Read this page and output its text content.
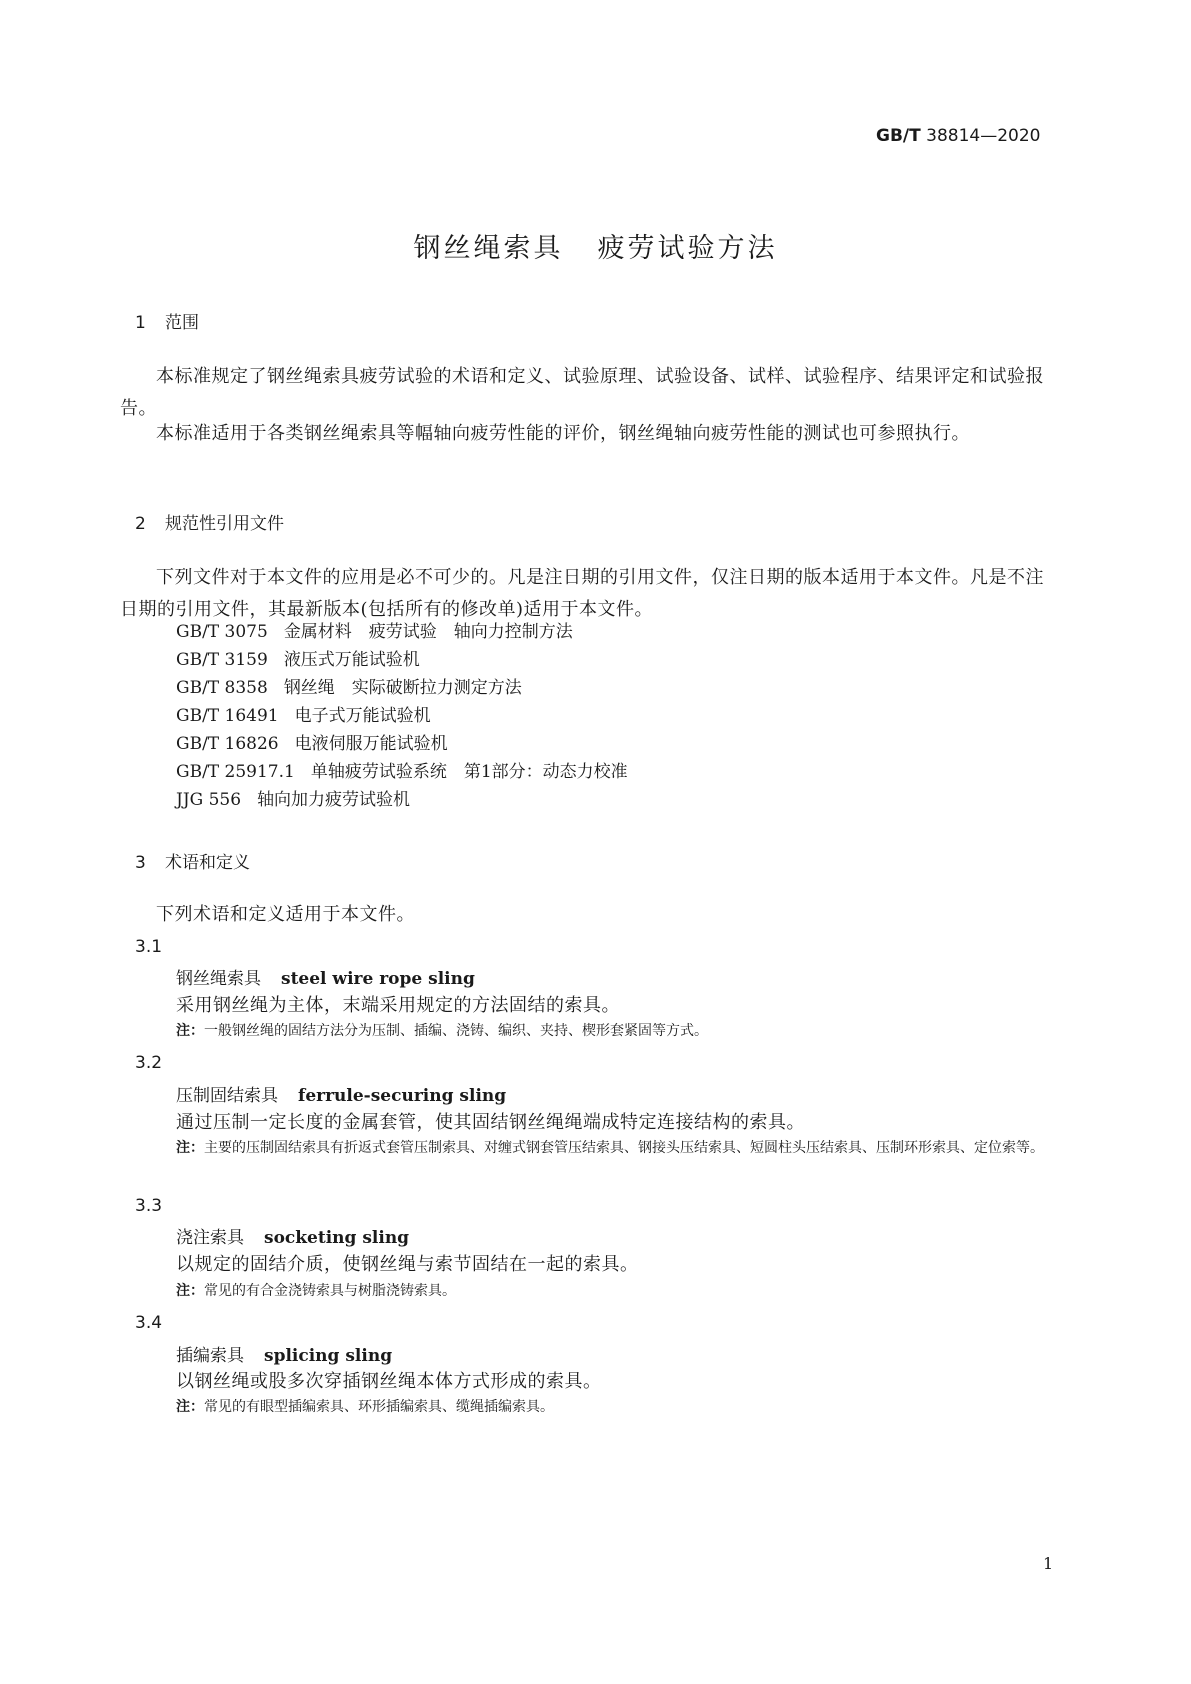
GB/T 38814—2020
钢丝绳索具 疲劳试验方法
1 范围
本标准规定了钢丝绳索具疲劳试验的术语和定义、试验原理、试验设备、试样、试验程序、结果评定和试验报告。
本标准适用于各类钢丝绳索具等幅轴向疲劳性能的评价，钢丝绳轴向疲劳性能的测试也可参照执行。
2 规范性引用文件
下列文件对于本文件的应用是必不可少的。凡是注日期的引用文件，仅注日期的版本适用于本文件。凡是不注日期的引用文件，其最新版本(包括所有的修改单)适用于本文件。
GB/T 3075 金属材料　疲劳试验　轴向力控制方法
GB/T 3159 液压式万能试验机
GB/T 8358 钢丝绳　实际破断拉力测定方法
GB/T 16491 电子式万能试验机
GB/T 16826 电液伺服万能试验机
GB/T 25917.1 单轴疲劳试验系统　第1部分：动态力校准
JJG 556 轴向加力疲劳试验机
3 术语和定义
下列术语和定义适用于本文件。
3.1
钢丝绳索具 steel wire rope sling
采用钢丝绳为主体，末端采用规定的方法固结的索具。
注：一般钢丝绳的固结方法分为压制、插编、浇铸、编织、夹持、楔形套紧固等方式。
3.2
压制固结索具 ferrule-securing sling
通过压制一定长度的金属套管，使其固结钢丝绳绳端成特定连接结构的索具。
注：主要的压制固结索具有折返式套管压制索具、对缠式钢套管压结索具、钢接头压结索具、短圆柱头压结索具、压制环形索具、定位索等。
3.3
浇注索具 socketing sling
以规定的固结介质，使钢丝绳与索节固结在一起的索具。
注：常见的有合金浇铸索具与树脂浇铸索具。
3.4
插编索具 splicing sling
以钢丝绳或股多次穿插钢丝绳本体方式形成的索具。
注：常见的有眼型插编索具、环形插编索具、缆绳插编索具。
1
